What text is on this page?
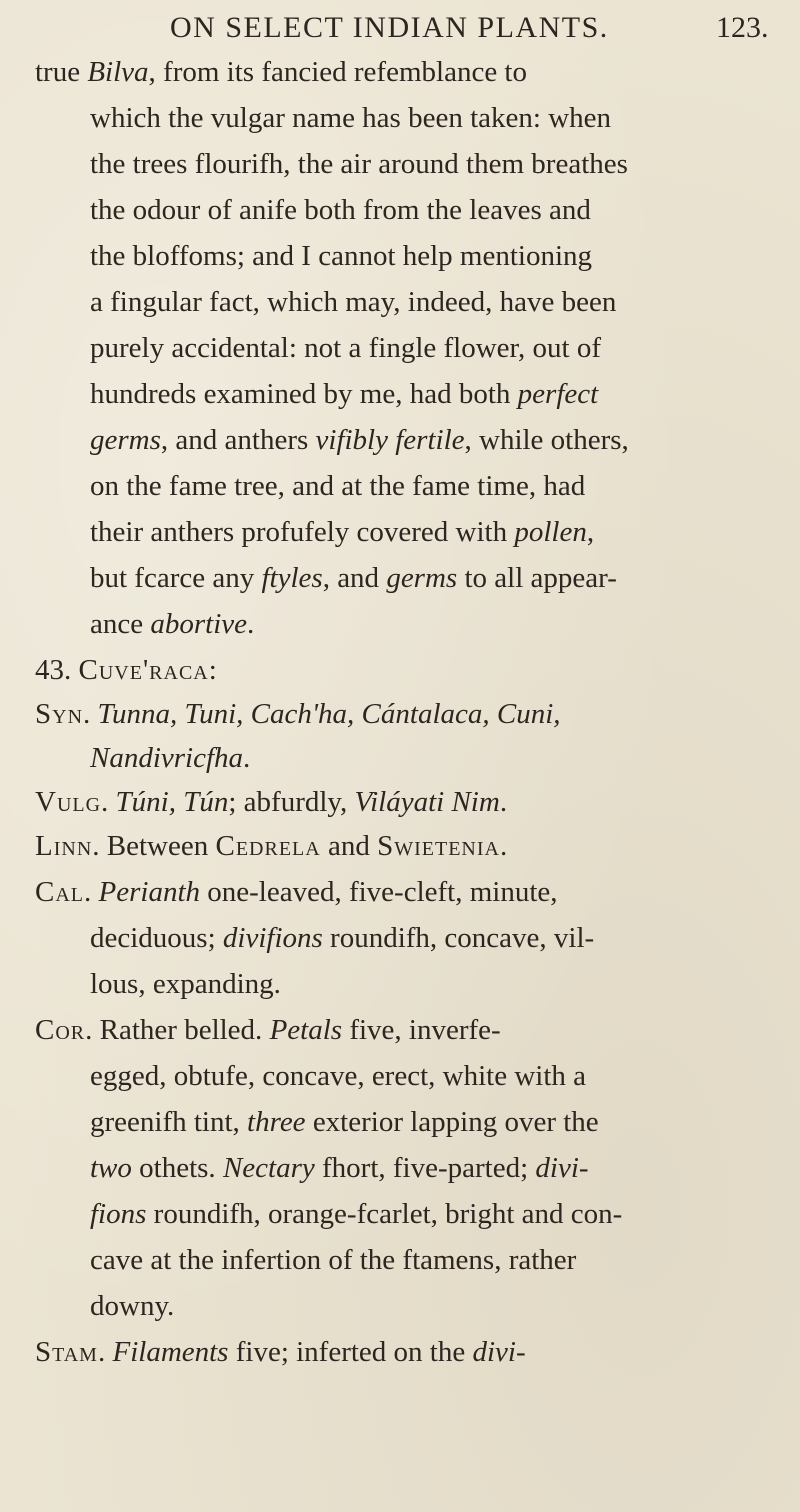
ON SELECT INDIAN PLANTS.	123.
true Bilva, from its fancied refemblance to
which the vulgar name has been taken: when
the trees flourifh, the air around them breathes
the odour of anife both from the leaves and
the bloffoms; and I cannot help mentioning
a fingular fact, which may, indeed, have been
purely accidental: not a fingle flower, out of
hundreds examined by me, had both perfect
germs, and anthers vifibly fertile, while others,
on the fame tree, and at the fame time, had
their anthers profufely covered with pollen,
but fcarce any ftyles, and germs to all appear-
ance abortive.
43. Cuve'raca:
Syn. Tunna, Tuni, Cach'ha, Cántalaca, Cuni,
Nandivricfha.
Vulg. Túni, Tún; abfurdly, Viláyati Nim.
Linn. Between Cedrela and Swietenia.
Cal. Perianth one-leaved, five-cleft, minute,
deciduous; divifions roundifh, concave, vil-
lous, expanding.
Cor. Rather belled. Petals five, inverfe-
egged, obtufe, concave, erect, white with a
greenifh tint, three exterior lapping over the
two othets. Nectary fhort, five-parted; divi-
fions roundifh, orange-fcarlet, bright and con-
cave at the infertion of the ftamens, rather
downy.
Stam. Filaments five; inferted on the divi-
